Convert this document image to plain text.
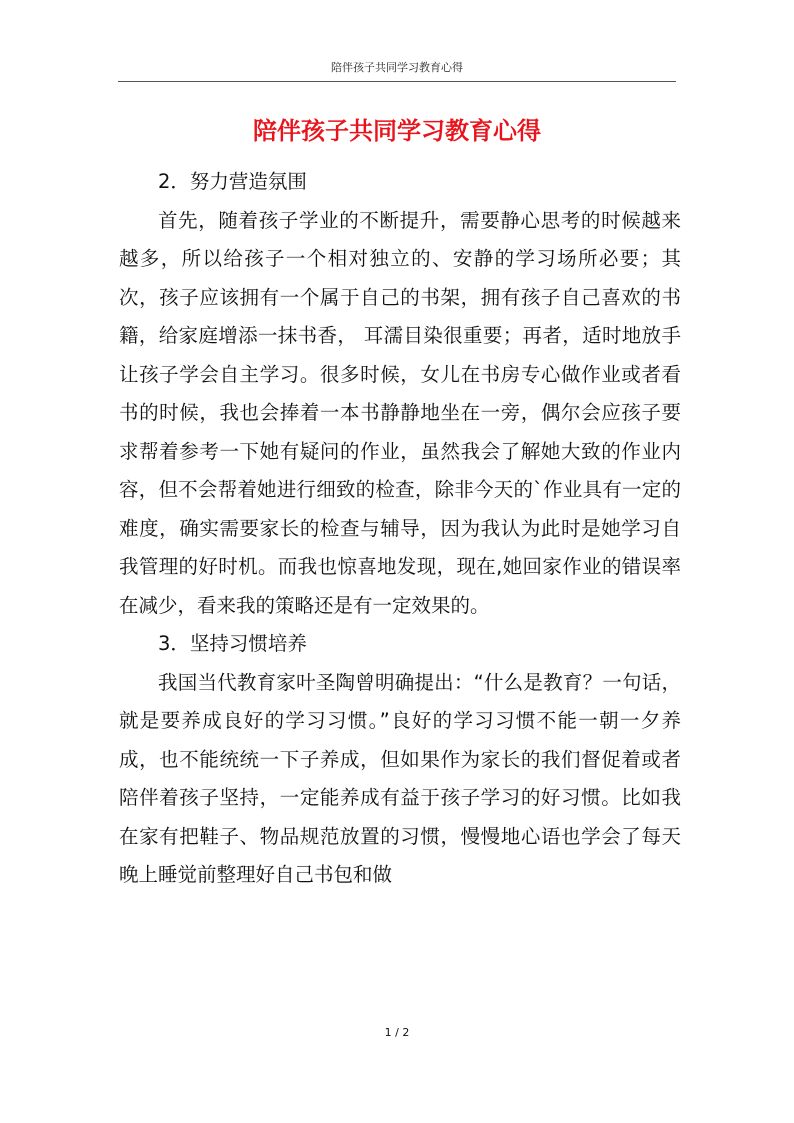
陪伴孩子共同学习教育心得
陪伴孩子共同学习教育心得

2．努力营造氛围

首先，随着孩子学业的不断提升，需要静心思考的时候越来越多，所以给孩子一个相对独立的、安静的学习场所必要；其次，孩子应该拥有一个属于自己的书架，拥有孩子自己喜欢的书籍，给家庭增添一抹书香， 耳濡目染很重要；再者，适时地放手让孩子学会自主学习。很多时候，女儿在书房专心做作业或者看书的时候，我也会捧着一本书静静地坐在一旁，偶尔会应孩子要求帮着参考一下她有疑问的作业，虽然我会了解她大致的作业内容，但不会帮着她进行细致的检查，除非今天的`作业具有一定的难度，确实需要家长的检查与辅导，因为我认为此时是她学习自我管理的好时机。而我也惊喜地发现，现在,她回家作业的错误率在减少，看来我的策略还是有一定效果的。

3．坚持习惯培养

我国当代教育家叶圣陶曾明确提出：“什么是教育？一句话，就是要养成良好的学习习惯。”良好的学习习惯不能一朝一夕养成，也不能统统一下子养成，但如果作为家长的我们督促着或者陪伴着孩子坚持，一定能养成有益于孩子学习的好习惯。比如我在家有把鞋子、物品规范放置的习惯，慢慢地心语也学会了每天晚上睡觉前整理好自己书包和做

1 / 2
